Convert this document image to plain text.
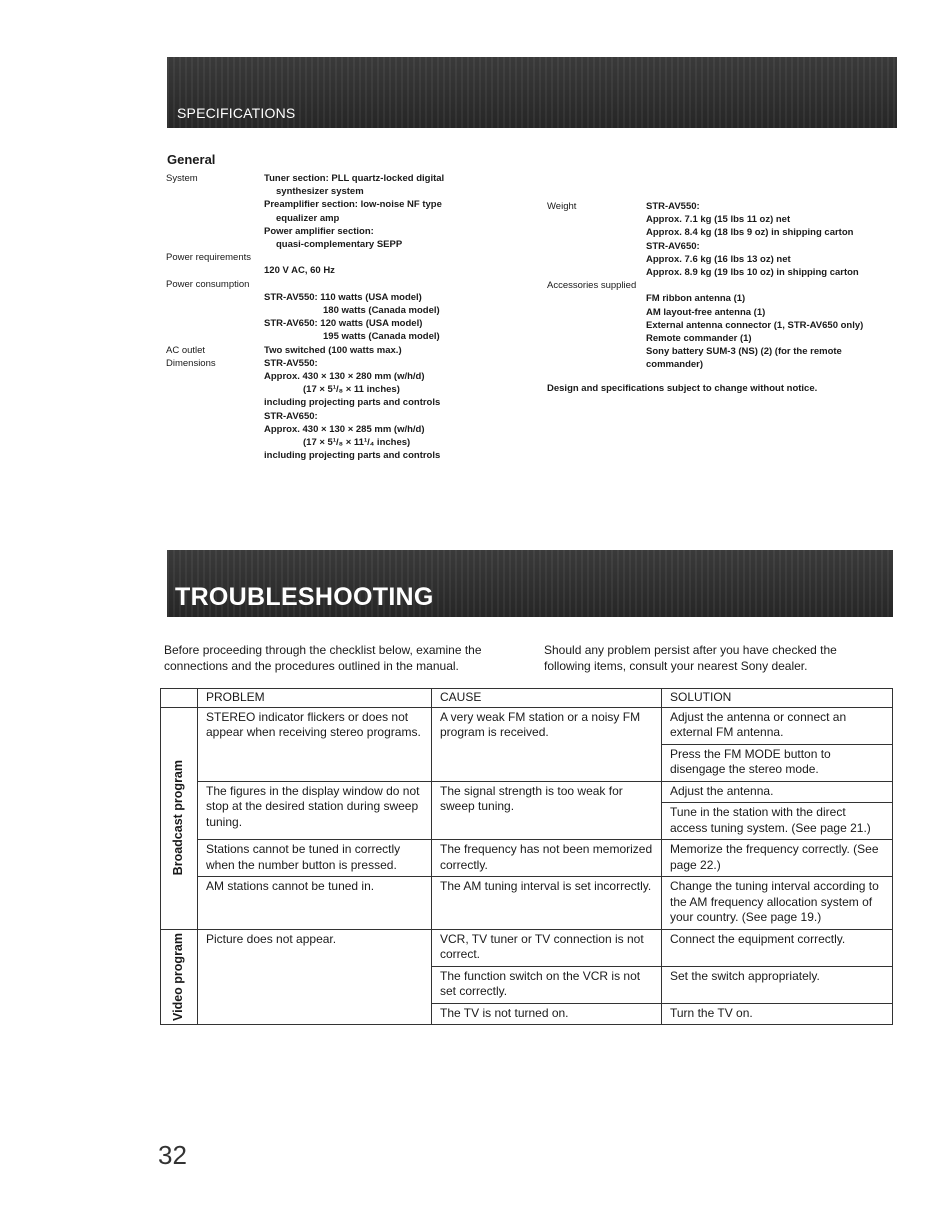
SPECIFICATIONS
General
System	Tuner section: PLL quartz-locked digital
synthesizer system
Preamplifier section: low-noise NF type
equalizer amp
Power amplifier section:
quasi-complementary SEPP
Power requirements
120 V AC, 60 Hz
Power consumption
STR-AV550: 110 watts (USA model)
180 watts (Canada model)
STR-AV650: 120 watts (USA model)
195 watts (Canada model)
AC outlet	Two switched (100 watts max.)
Dimensions	STR-AV550:
Approx. 430 × 130 × 280 mm (w/h/d)
(17 × 5¹/₈ × 11 inches)
including projecting parts and controls
STR-AV650:
Approx. 430 × 130 × 285 mm (w/h/d)
(17 × 5¹/₈ × 11¹/₄ inches)
including projecting parts and controls
Weight	STR-AV550:
Approx. 7.1 kg (15 lbs 11 oz) net
Approx. 8.4 kg (18 lbs 9 oz) in shipping carton
STR-AV650:
Approx. 7.6 kg (16 lbs 13 oz) net
Approx. 8.9 kg (19 lbs 10 oz) in shipping carton
Accessories supplied
FM ribbon antenna (1)
AM layout-free antenna (1)
External antenna connector (1, STR-AV650 only)
Remote commander (1)
Sony battery SUM-3 (NS) (2) (for the remote
commander)
Design and specifications subject to change without notice.
TROUBLESHOOTING
Before proceeding through the checklist below, examine the connections and the procedures outlined in the manual.
Should any problem persist after you have checked the following items, consult your nearest Sony dealer.
	PROBLEM	CAUSE	SOLUTION

Broadcast program	STEREO indicator flickers or does not appear when receiving stereo programs.	A very weak FM station or a noisy FM program is received.	Adjust the antenna or connect an external FM antenna.
			Press the FM MODE button to disengage the stereo mode.
	The figures in the display window do not stop at the desired station during sweep tuning.	The signal strength is too weak for sweep tuning.	Adjust the antenna.
			Tune in the station with the direct access tuning system. (See page 21.)
	Stations cannot be tuned in correctly when the number button is pressed.	The frequency has not been memorized correctly.	Memorize the frequency correctly. (See page 22.)
	AM stations cannot be tuned in.	The AM tuning interval is set incorrectly.	Change the tuning interval according to the AM frequency allocation system of your country. (See page 19.)

Video program	Picture does not appear.	VCR, TV tuner or TV connection is not correct.	Connect the equipment correctly.
		The function switch on the VCR is not set correctly.	Set the switch appropriately.
		The TV is not turned on.	Turn the TV on.
32
